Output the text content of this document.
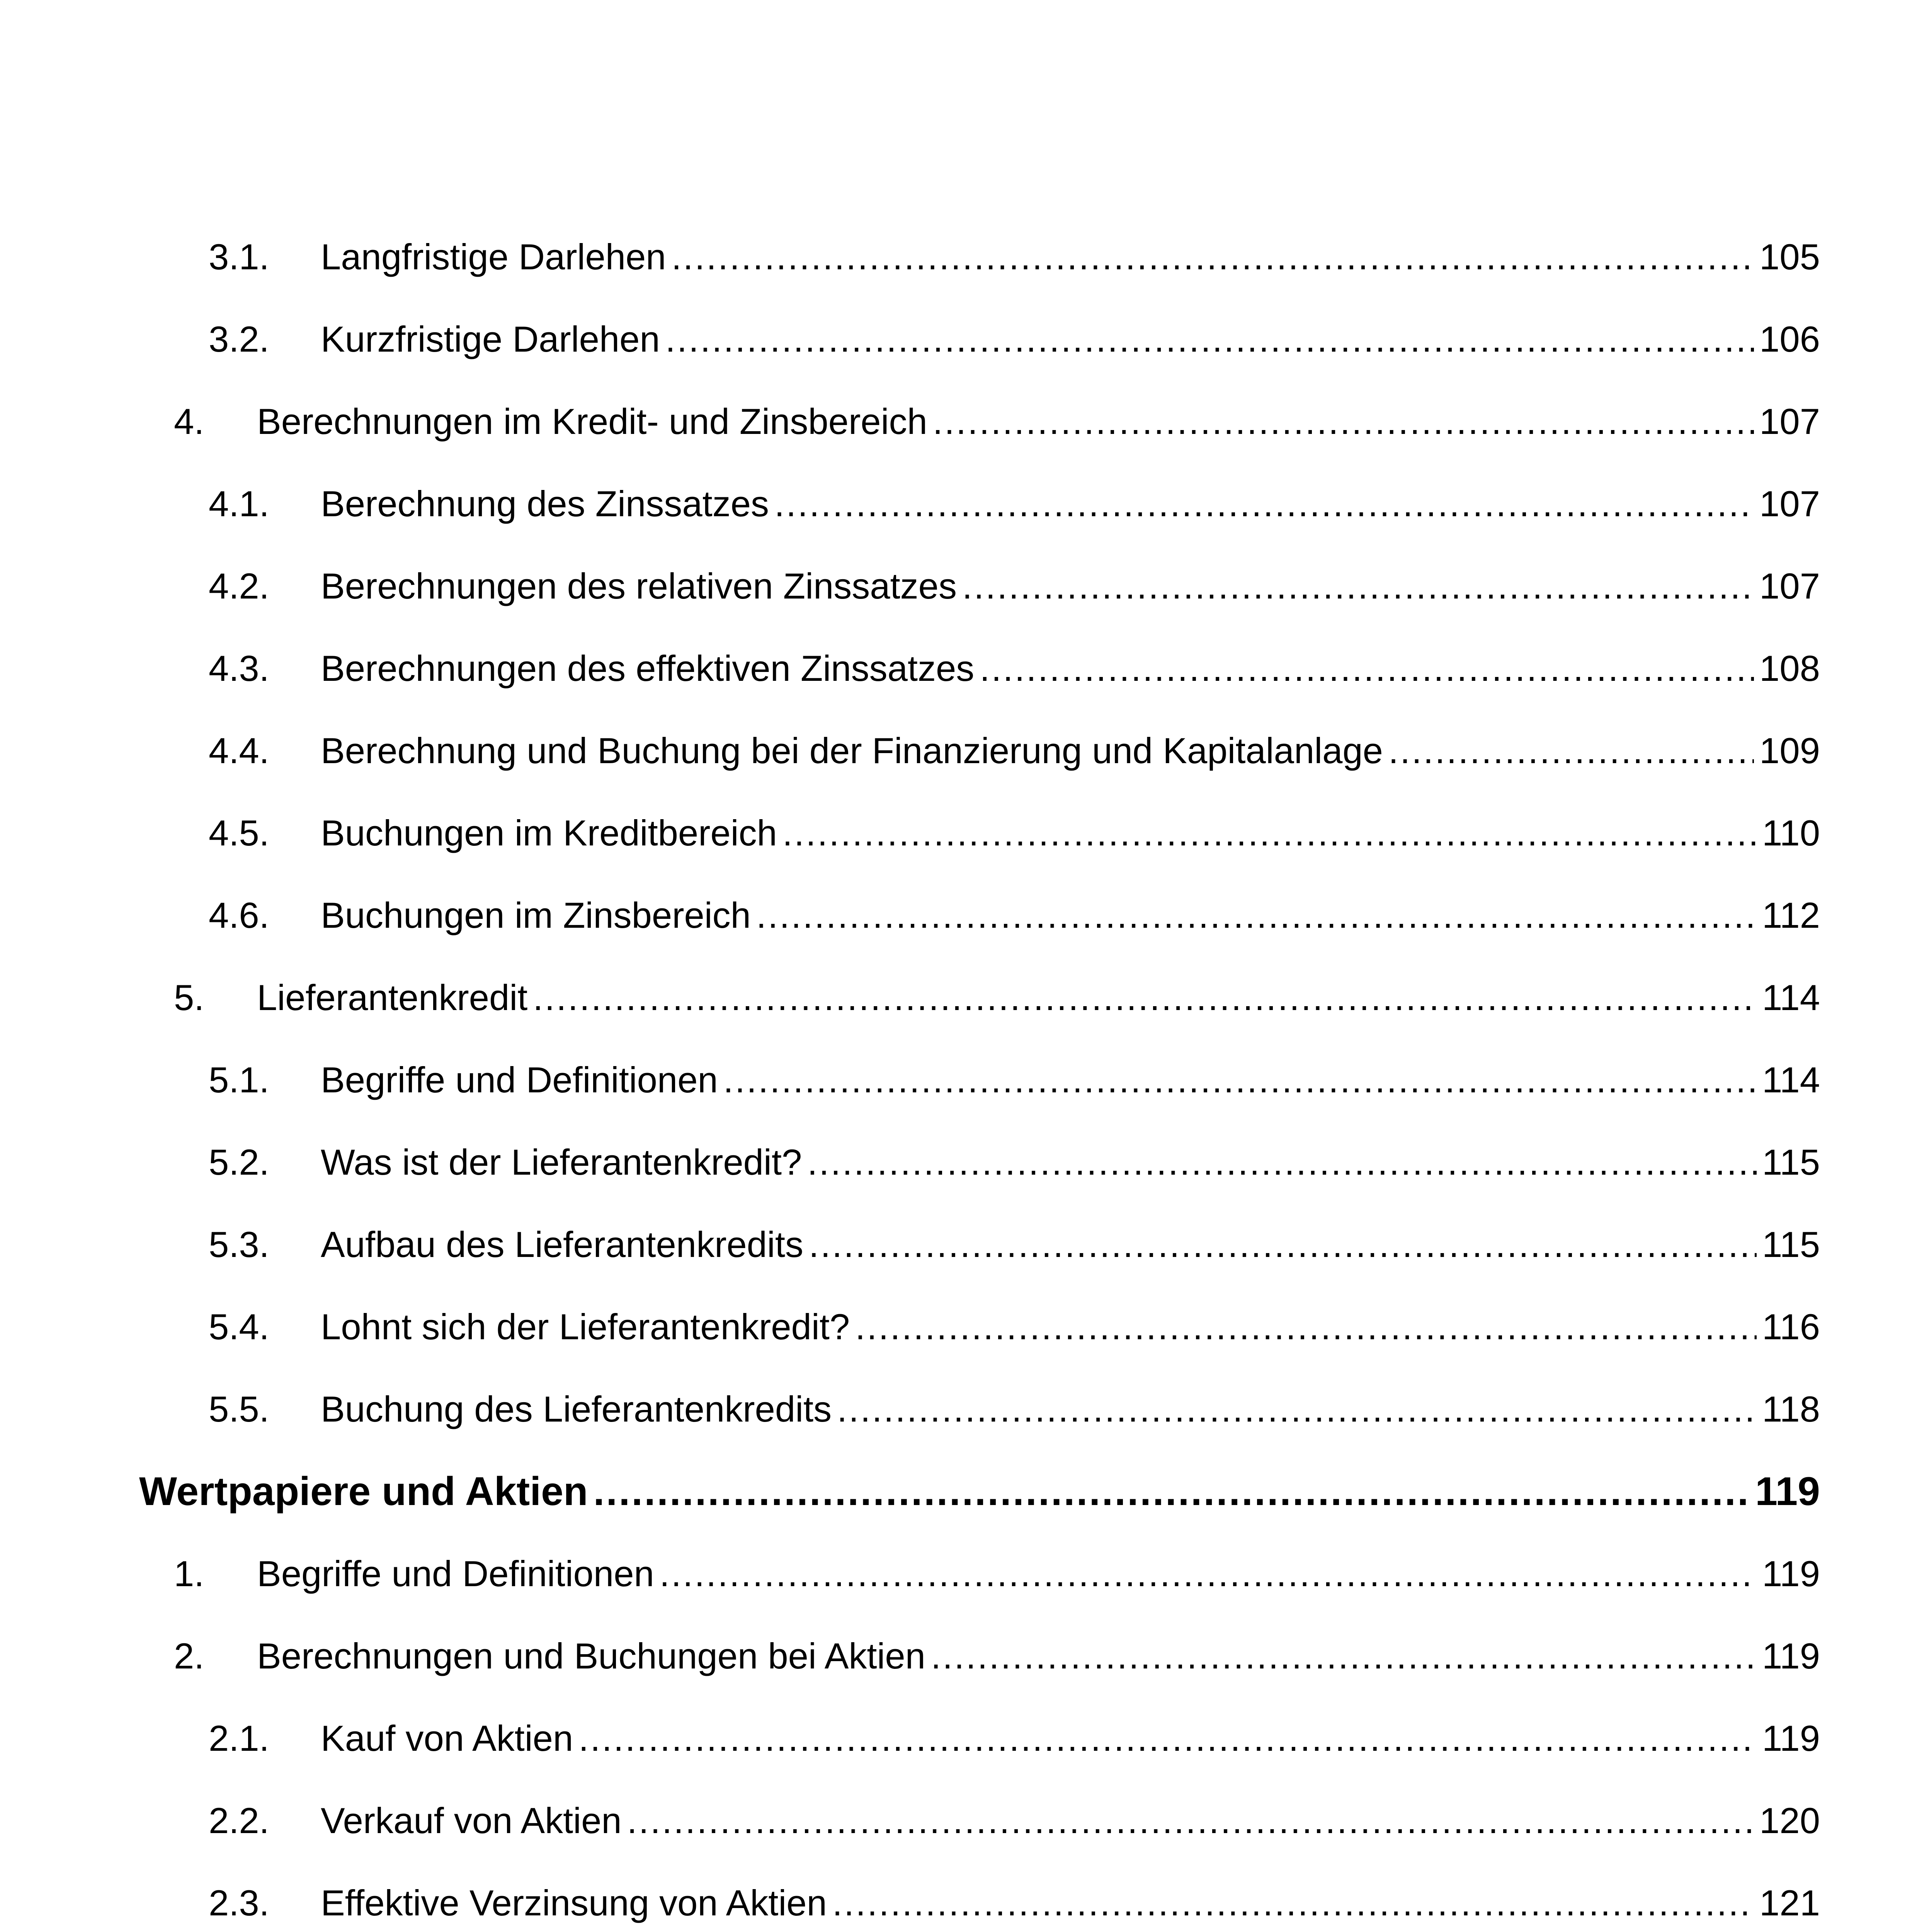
3.1.	Langfristige Darlehen .....	105
3.2.	Kurzfristige Darlehen .....	106
4.	Berechnungen im Kredit- und Zinsbereich .....	107
4.1.	Berechnung des Zinssatzes .....	107
4.2.	Berechnungen des relativen Zinssatzes .....	107
4.3.	Berechnungen des effektiven Zinssatzes .....	108
4.4.	Berechnung und Buchung bei der Finanzierung und Kapitalanlage .....	109
4.5.	Buchungen im Kreditbereich .....	110
4.6.	Buchungen im Zinsbereich .....	112
5.	Lieferantenkredit .....	114
5.1.	Begriffe und Definitionen .....	114
5.2.	Was ist der Lieferantenkredit? .....	115
5.3.	Aufbau des Lieferantenkredits .....	115
5.4.	Lohnt sich der Lieferantenkredit? .....	116
5.5.	Buchung des Lieferantenkredits .....	118
Wertpapiere und Aktien .....	119
1.	Begriffe und Definitionen .....	119
2.	Berechnungen und Buchungen bei Aktien .....	119
2.1.	Kauf von Aktien .....	119
2.2.	Verkauf von Aktien .....	120
2.3.	Effektive Verzinsung von Aktien .....	121
